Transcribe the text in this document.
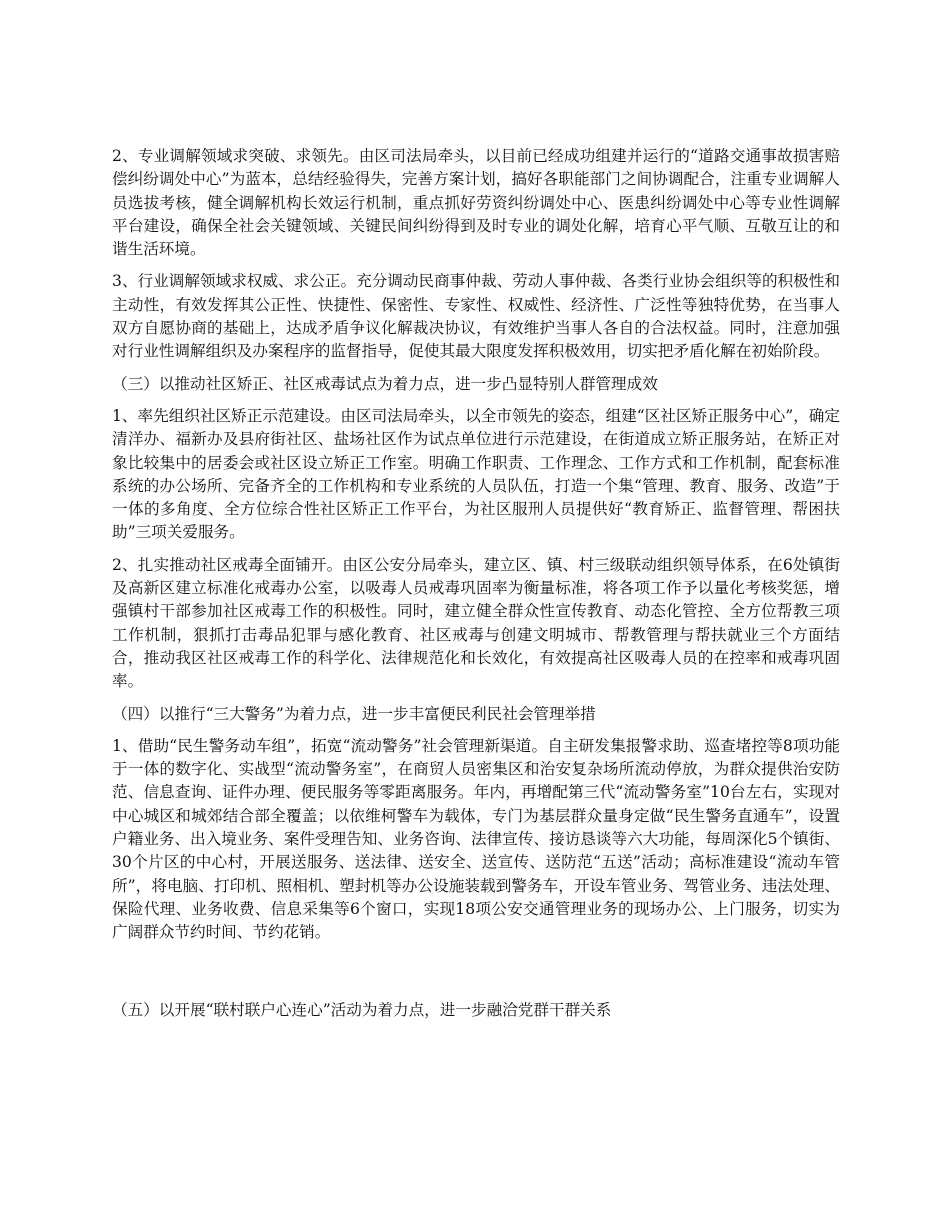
2、专业调解领域求突破、求领先。由区司法局牵头，以目前已经成功组建并运行的“道路交通事故损害赔偿纠纷调处中心”为蓝本，总结经验得失，完善方案计划，搞好各职能部门之间协调配合，注重专业调解人员选拔考核，健全调解机构长效运行机制，重点抓好劳资纠纷调处中心、医患纠纷调处中心等专业性调解平台建设，确保全社会关键领域、关键民间纠纷得到及时专业的调处化解，培育心平气顺、互敬互让的和谐生活环境。

3、行业调解领域求权威、求公正。充分调动民商事仲裁、劳动人事仲裁、各类行业协会组织等的积极性和主动性，有效发挥其公正性、快捷性、保密性、专家性、权威性、经济性、广泛性等独特优势，在当事人双方自愿协商的基础上，达成矛盾争议化解裁决协议，有效维护当事人各自的合法权益。同时，注意加强对行业性调解组织及办案程序的监督指导，促使其最大限度发挥积极效用，切实把矛盾化解在初始阶段。

（三）以推动社区矫正、社区戒毒试点为着力点，进一步凸显特别人群管理成效

1、率先组织社区矫正示范建设。由区司法局牵头，以全市领先的姿态，组建“区社区矫正服务中心”，确定清洋办、福新办及县府街社区、盐场社区作为试点单位进行示范建设，在街道成立矫正服务站，在矫正对象比较集中的居委会或社区设立矫正工作室。明确工作职责、工作理念、工作方式和工作机制，配套标准系统的办公场所、完备齐全的工作机构和专业系统的人员队伍，打造一个集“管理、教育、服务、改造”于一体的多角度、全方位综合性社区矫正工作平台，为社区服刑人员提供好“教育矫正、监督管理、帮困扶助”三项关爱服务。

2、扎实推动社区戒毒全面铺开。由区公安分局牵头，建立区、镇、村三级联动组织领导体系，在6处镇街及高新区建立标准化戒毒办公室，以吸毒人员戒毒巩固率为衡量标准，将各项工作予以量化考核奖惩，增强镇村干部参加社区戒毒工作的积极性。同时，建立健全群众性宣传教育、动态化管控、全方位帮教三项工作机制，狠抓打击毒品犯罪与感化教育、社区戒毒与创建文明城市、帮教管理与帮扶就业三个方面结合，推动我区社区戒毒工作的科学化、法律规范化和长效化，有效提高社区吸毒人员的在控率和戒毒巩固率。

（四）以推行“三大警务”为着力点，进一步丰富便民利民社会管理举措

1、借助“民生警务动车组”，拓宽“流动警务”社会管理新渠道。自主研发集报警求助、巡查堵控等8项功能于一体的数字化、实战型“流动警务室”，在商贸人员密集区和治安复杂场所流动停放，为群众提供治安防范、信息查询、证件办理、便民服务等零距离服务。年内，再增配第三代“流动警务室”10台左右，实现对中心城区和城郊结合部全覆盖；以依维柯警车为载体，专门为基层群众量身定做“民生警务直通车”，设置户籍业务、出入境业务、案件受理告知、业务咨询、法律宣传、接访恳谈等六大功能，每周深化5个镇街、30个片区的中心村，开展送服务、送法律、送安全、送宣传、送防范“五送”活动；高标准建设“流动车管所”，将电脑、打印机、照相机、塑封机等办公设施装载到警务车，开设车管业务、驾管业务、违法处理、保险代理、业务收费、信息采集等6个窗口，实现18项公安交通管理业务的现场办公、上门服务，切实为广阔群众节约时间、节约花销。

（五）以开展“联村联户心连心”活动为着力点，进一步融洽党群干群关系
